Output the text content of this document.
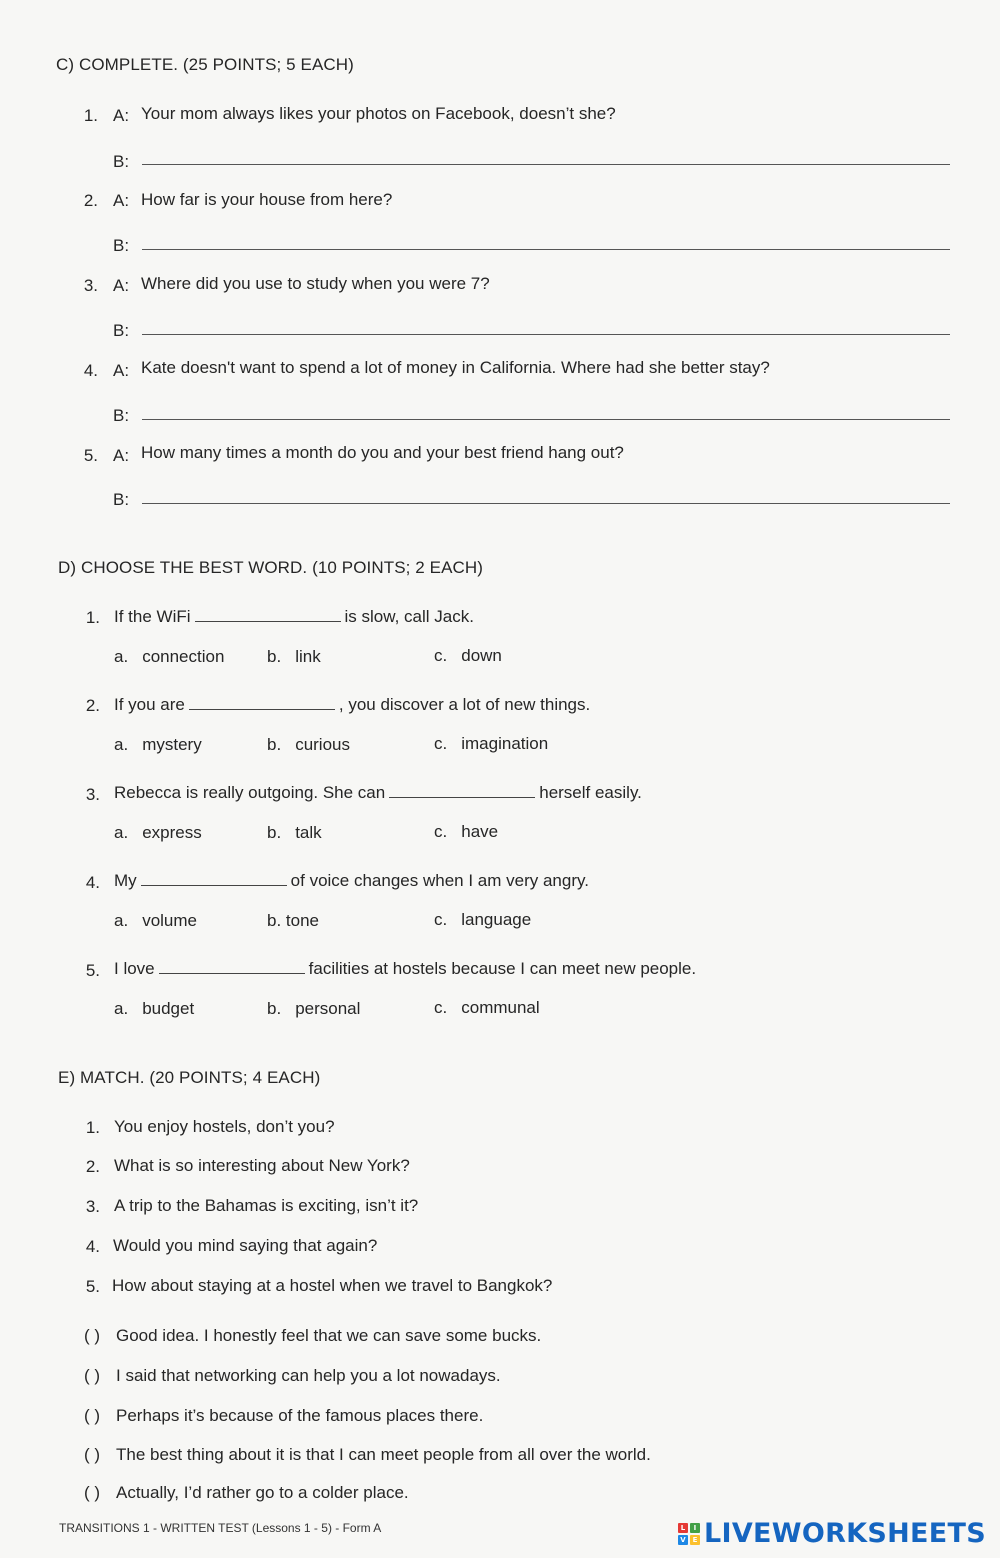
C) COMPLETE. (25 POINTS; 5 EACH)
1. A: Your mom always likes your photos on Facebook, doesn’t she?
B:
2. A: How far is your house from here?
B:
3. A: Where did you use to study when you were 7?
B:
4. A: Kate doesn't want to spend a lot of money in California. Where had she better stay?
B:
5. A: How many times a month do you and your best friend hang out?
B:
D) CHOOSE THE BEST WORD. (10 POINTS; 2 EACH)
1. If the WiFi	is slow, call Jack.
a. connection	b. link	c. down
2. If you are	, you discover a lot of new things.
a. mystery	b. curious	c. imagination
3. Rebecca is really outgoing. She can	herself easily.
a. express	b. talk	c. have
4. My	of voice changes when I am very angry.
a. volume	b. tone	c. language
5. I love	facilities at hostels because I can meet new people.
a. budget	b. personal	c. communal
E) MATCH. (20 POINTS; 4 EACH)
1. You enjoy hostels, don’t you?
2. What is so interesting about New York?
3. A trip to the Bahamas is exciting, isn’t it?
4. Would you mind saying that again?
5. How about staying at a hostel when we travel to Bangkok?
( ) Good idea. I honestly feel that we can save some bucks.
( ) I said that networking can help you a lot nowadays.
( ) Perhaps it’s because of the famous places there.
( ) The best thing about it is that I can meet people from all over the world.
( ) Actually, I’d rather go to a colder place.
TRANSITIONS 1 - WRITTEN TEST (Lessons 1 - 5) - Form A	L	I
V E LIVEWORKSHEETS
